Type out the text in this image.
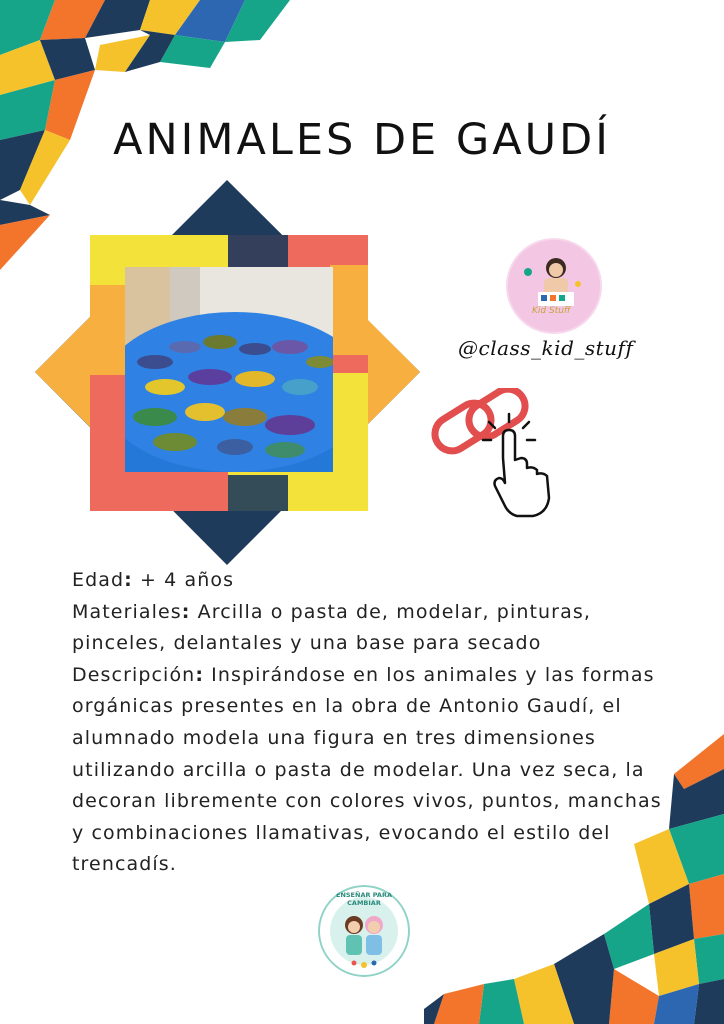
ANIMALES DE GAUDÍ
Kid Stuff
@class_kid_stuff

Edad: + 4 años

Materiales: Arcilla o pasta de, modelar, pinturas, pinceles, delantales y una base para secado

Descripción: Inspirándose en los animales y las formas orgánicas presentes en la obra de Antonio Gaudí, el alumnado modela una figura en tres dimensiones utilizando arcilla o pasta de modelar. Una vez seca, la decoran libremente con colores vivos, puntos, manchas y combinaciones llamativas, evocando el estilo del trencadís.

ENSEÑAR PARA CAMBIAR
